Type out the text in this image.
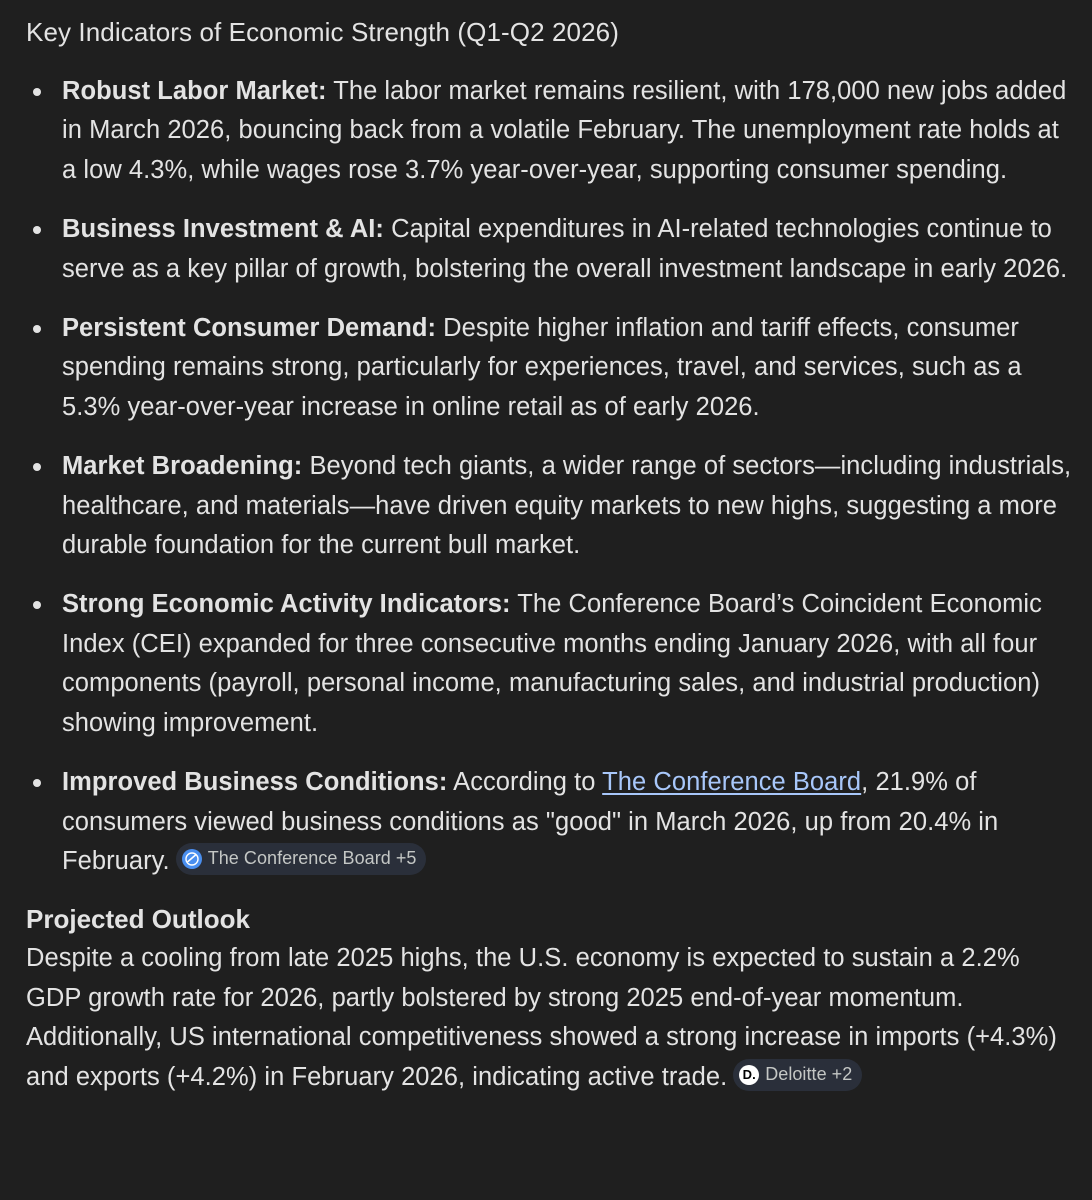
Key Indicators of Economic Strength (Q1-Q2 2026)
Robust Labor Market: The labor market remains resilient, with 178,000 new jobs added in March 2026, bouncing back from a volatile February. The unemployment rate holds at a low 4.3%, while wages rose 3.7% year-over-year, supporting consumer spending.
Business Investment & AI: Capital expenditures in AI-related technologies continue to serve as a key pillar of growth, bolstering the overall investment landscape in early 2026.
Persistent Consumer Demand: Despite higher inflation and tariff effects, consumer spending remains strong, particularly for experiences, travel, and services, such as a 5.3% year-over-year increase in online retail as of early 2026.
Market Broadening: Beyond tech giants, a wider range of sectors—including industrials, healthcare, and materials—have driven equity markets to new highs, suggesting a more durable foundation for the current bull market.
Strong Economic Activity Indicators: The Conference Board’s Coincident Economic Index (CEI) expanded for three consecutive months ending January 2026, with all four components (payroll, personal income, manufacturing sales, and industrial production) showing improvement.
Improved Business Conditions: According to The Conference Board, 21.9% of consumers viewed business conditions as "good" in March 2026, up from 20.4% in February. The Conference Board +5
Projected Outlook

Despite a cooling from late 2025 highs, the U.S. economy is expected to sustain a 2.2% GDP growth rate for 2026, partly bolstered by strong 2025 end-of-year momentum. Additionally, US international competitiveness showed a strong increase in imports (+4.3%) and exports (+4.2%) in February 2026, indicating active trade. D. Deloitte +2
